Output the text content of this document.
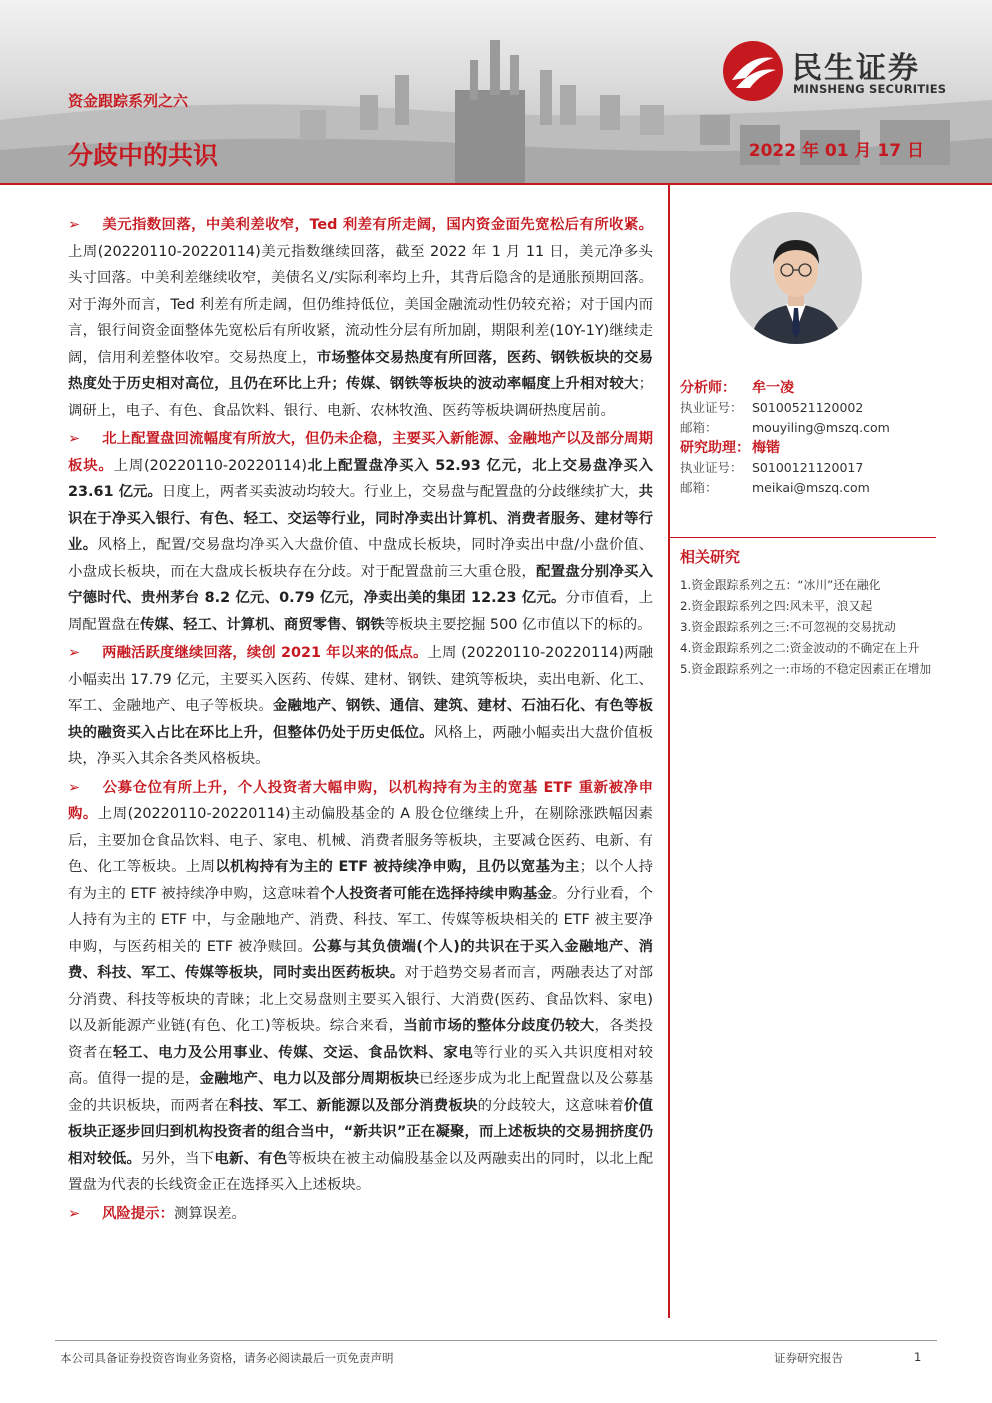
资金跟踪系列之六
分歧中的共识	2022 年 01 月 17 日
民生证券
MINSHENG SECURITIES

➢ 美元指数回落，中美利差收窄，Ted 利差有所走阔，国内资金面先宽松后有所收紧。上周(20220110-20220114)美元指数继续回落，截至 2022 年 1 月 11 日，美元净多头头寸回落。中美利差继续收窄，美债名义/实际利率均上升，其背后隐含的是通胀预期回落。对于海外而言，Ted 利差有所走阔，但仍维持低位，美国金融流动性仍较充裕；对于国内而言，银行间资金面整体先宽松后有所收紧，流动性分层有所加剧，期限利差(10Y-1Y)继续走阔，信用利差整体收窄。交易热度上，市场整体交易热度有所回落，医药、钢铁板块的交易热度处于历史相对高位，且仍在环比上升；传媒、钢铁等板块的波动率幅度上升相对较大；调研上，电子、有色、食品饮料、银行、电新、农林牧渔、医药等板块调研热度居前。

➢ 北上配置盘回流幅度有所放大，但仍未企稳，主要买入新能源、金融地产以及部分周期板块。上周(20220110-20220114)北上配置盘净买入 52.93 亿元，北上交易盘净买入 23.61 亿元。日度上，两者买卖波动均较大。行业上，交易盘与配置盘的分歧继续扩大，共识在于净买入银行、有色、轻工、交运等行业，同时净卖出计算机、消费者服务、建材等行业。风格上，配置/交易盘均净买入大盘价值、中盘成长板块，同时净卖出中盘/小盘价值、小盘成长板块，而在大盘成长板块存在分歧。对于配置盘前三大重仓股，配置盘分别净买入宁德时代、贵州茅台 8.2 亿元、0.79 亿元，净卖出美的集团 12.23 亿元。分市值看，上周配置盘在传媒、轻工、计算机、商贸零售、钢铁等板块主要挖掘 500 亿市值以下的标的。

➢ 两融活跃度继续回落，续创 2021 年以来的低点。上周 (20220110-20220114)两融小幅卖出 17.79 亿元，主要买入医药、传媒、建材、钢铁、建筑等板块，卖出电新、化工、军工、金融地产、电子等板块。金融地产、钢铁、通信、建筑、建材、石油石化、有色等板块的融资买入占比在环比上升，但整体仍处于历史低位。风格上，两融小幅卖出大盘价值板块，净买入其余各类风格板块。

➢ 公募仓位有所上升，个人投资者大幅申购，以机构持有为主的宽基 ETF 重新被净申购。上周(20220110-20220114)主动偏股基金的 A 股仓位继续上升，在剔除涨跌幅因素后，主要加仓食品饮料、电子、家电、机械、消费者服务等板块，主要减仓医药、电新、有色、化工等板块。上周以机构持有为主的 ETF 被持续净申购，且仍以宽基为主；以个人持有为主的 ETF 被持续净申购，这意味着个人投资者可能在选择持续申购基金。分行业看，个人持有为主的 ETF 中，与金融地产、消费、科技、军工、传媒等板块相关的 ETF 被主要净申购，与医药相关的 ETF 被净赎回。公募与其负债端(个人)的共识在于买入金融地产、消费、科技、军工、传媒等板块，同时卖出医药板块。对于趋势交易者而言，两融表达了对部分消费、科技等板块的青睐；北上交易盘则主要买入银行、大消费(医药、食品饮料、家电)以及新能源产业链(有色、化工)等板块。综合来看，当前市场的整体分歧度仍较大，各类投资者在轻工、电力及公用事业、传媒、交运、食品饮料、家电等行业的买入共识度相对较高。值得一提的是，金融地产、电力以及部分周期板块已经逐步成为北上配置盘以及公募基金的共识板块，而两者在科技、军工、新能源以及部分消费板块的分歧较大，这意味着价值板块正逐步回归到机构投资者的组合当中，“新共识”正在凝聚，而上述板块的交易拥挤度仍相对较低。另外，当下电新、有色等板块在被主动偏股基金以及两融卖出的同时，以北上配置盘为代表的长线资金正在选择买入上述板块。

➢ 风险提示：测算误差。

分析师：	牟一凌
执业证号： S0100521120002
邮箱：	mouyiling@mszq.com
研究助理： 梅锴
执业证号： S0100121120017
邮箱：	meikai@mszq.com
相关研究
1.资金跟踪系列之五：“冰川”还在融化
2.资金跟踪系列之四:风未平，浪又起
3.资金跟踪系列之三:不可忽视的交易扰动
4.资金跟踪系列之二:资金波动的不确定在上升
5.资金跟踪系列之一:市场的不稳定因素正在增加
本公司具备证券投资咨询业务资格，请务必阅读最后一页免责声明	证券研究报告	1
